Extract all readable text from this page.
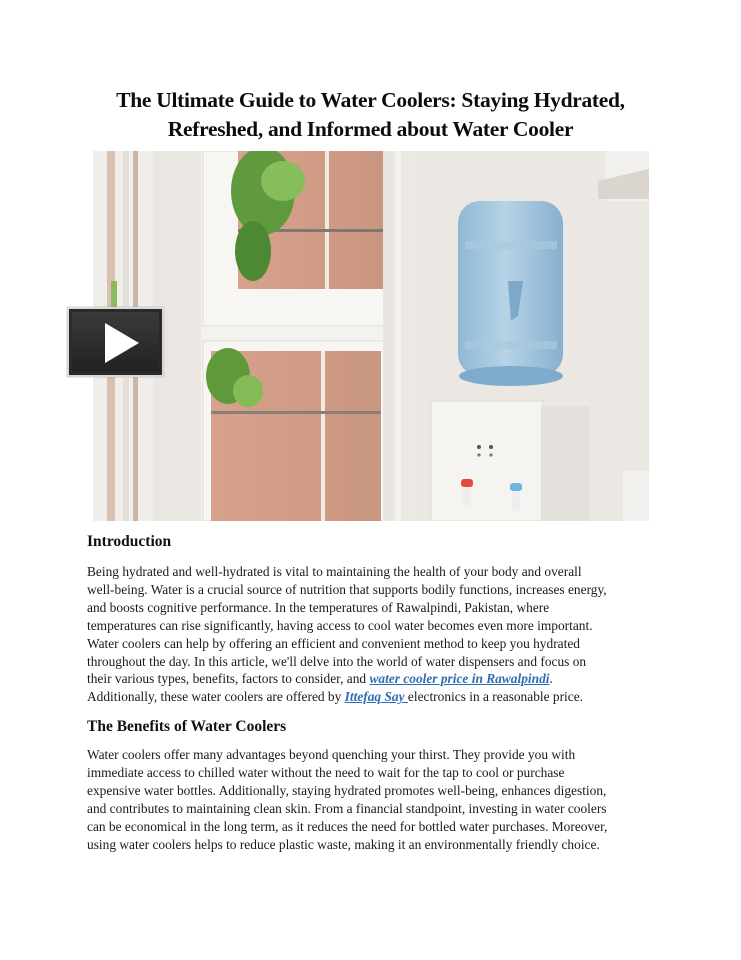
The Ultimate Guide to Water Coolers: Staying Hydrated,
Refreshed, and Informed about Water Cooler
Introduction
Being hydrated and well-hydrated is vital to maintaining the health of your body and overall
well-being. Water is a crucial source of nutrition that supports bodily functions, increases energy,
and boosts cognitive performance. In the temperatures of Rawalpindi, Pakistan, where
temperatures can rise significantly, having access to cool water becomes even more important.
Water coolers can help by offering an efficient and convenient method to keep you hydrated
throughout the day. In this article, we'll delve into the world of water dispensers and focus on
their various types, benefits, factors to consider, and water cooler price in Rawalpindi.
Additionally, these water coolers are offered by Ittefaq Say electronics in a reasonable price.
The Benefits of Water Coolers
Water coolers offer many advantages beyond quenching your thirst. They provide you with
immediate access to chilled water without the need to wait for the tap to cool or purchase
expensive water bottles. Additionally, staying hydrated promotes well-being, enhances digestion,
and contributes to maintaining clean skin. From a financial standpoint, investing in water coolers
can be economical in the long term, as it reduces the need for bottled water purchases. Moreover,
using water coolers helps to reduce plastic waste, making it an environmentally friendly choice.
